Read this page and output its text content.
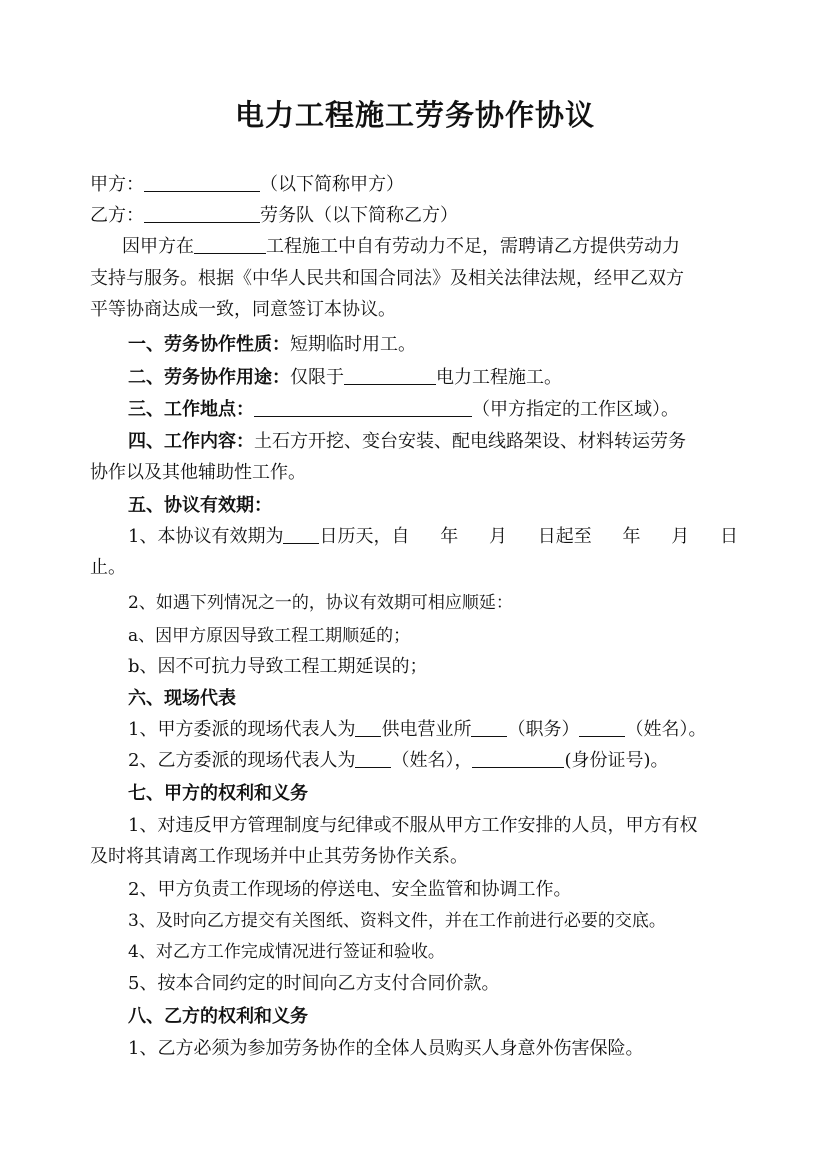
电力工程施工劳务协作协议
甲方：	（以下简称甲方）
乙方：	劳务队（以下简称乙方）
因甲方在	工程施工中自有劳动力不足，需聘请乙方提供劳动力
支持与服务。根据《中华人民共和国合同法》及相关法律法规，经甲乙双方
平等协商达成一致，同意签订本协议。
一、劳务协作性质：短期临时用工。
二、劳务协作用途：仅限于	电力工程施工。
三、工作地点：	（甲方指定的工作区域）。
四、工作内容：土石方开挖、变台安装、配电线路架设、材料转运劳务
协作以及其他辅助性工作。
五、协议有效期：
1、本协议有效期为 日历天，自 年 月 日起至 年 月 日
止。
2、如遇下列情况之一的，协议有效期可相应顺延：
a、因甲方原因导致工程工期顺延的；
b、因不可抗力导致工程工期延误的；
六、现场代表
1、甲方委派的现场代表人为 供电营业所 （职务）	（姓名）。
2、乙方委派的现场代表人为 （姓名），	(身份证号)。
七、甲方的权利和义务
1、对违反甲方管理制度与纪律或不服从甲方工作安排的人员，甲方有权
及时将其请离工作现场并中止其劳务协作关系。
2、甲方负责工作现场的停送电、安全监管和协调工作。
3、及时向乙方提交有关图纸、资料文件，并在工作前进行必要的交底。
4、对乙方工作完成情况进行签证和验收。
5、按本合同约定的时间向乙方支付合同价款。
八、乙方的权利和义务
1、乙方必须为参加劳务协作的全体人员购买人身意外伤害保险。
